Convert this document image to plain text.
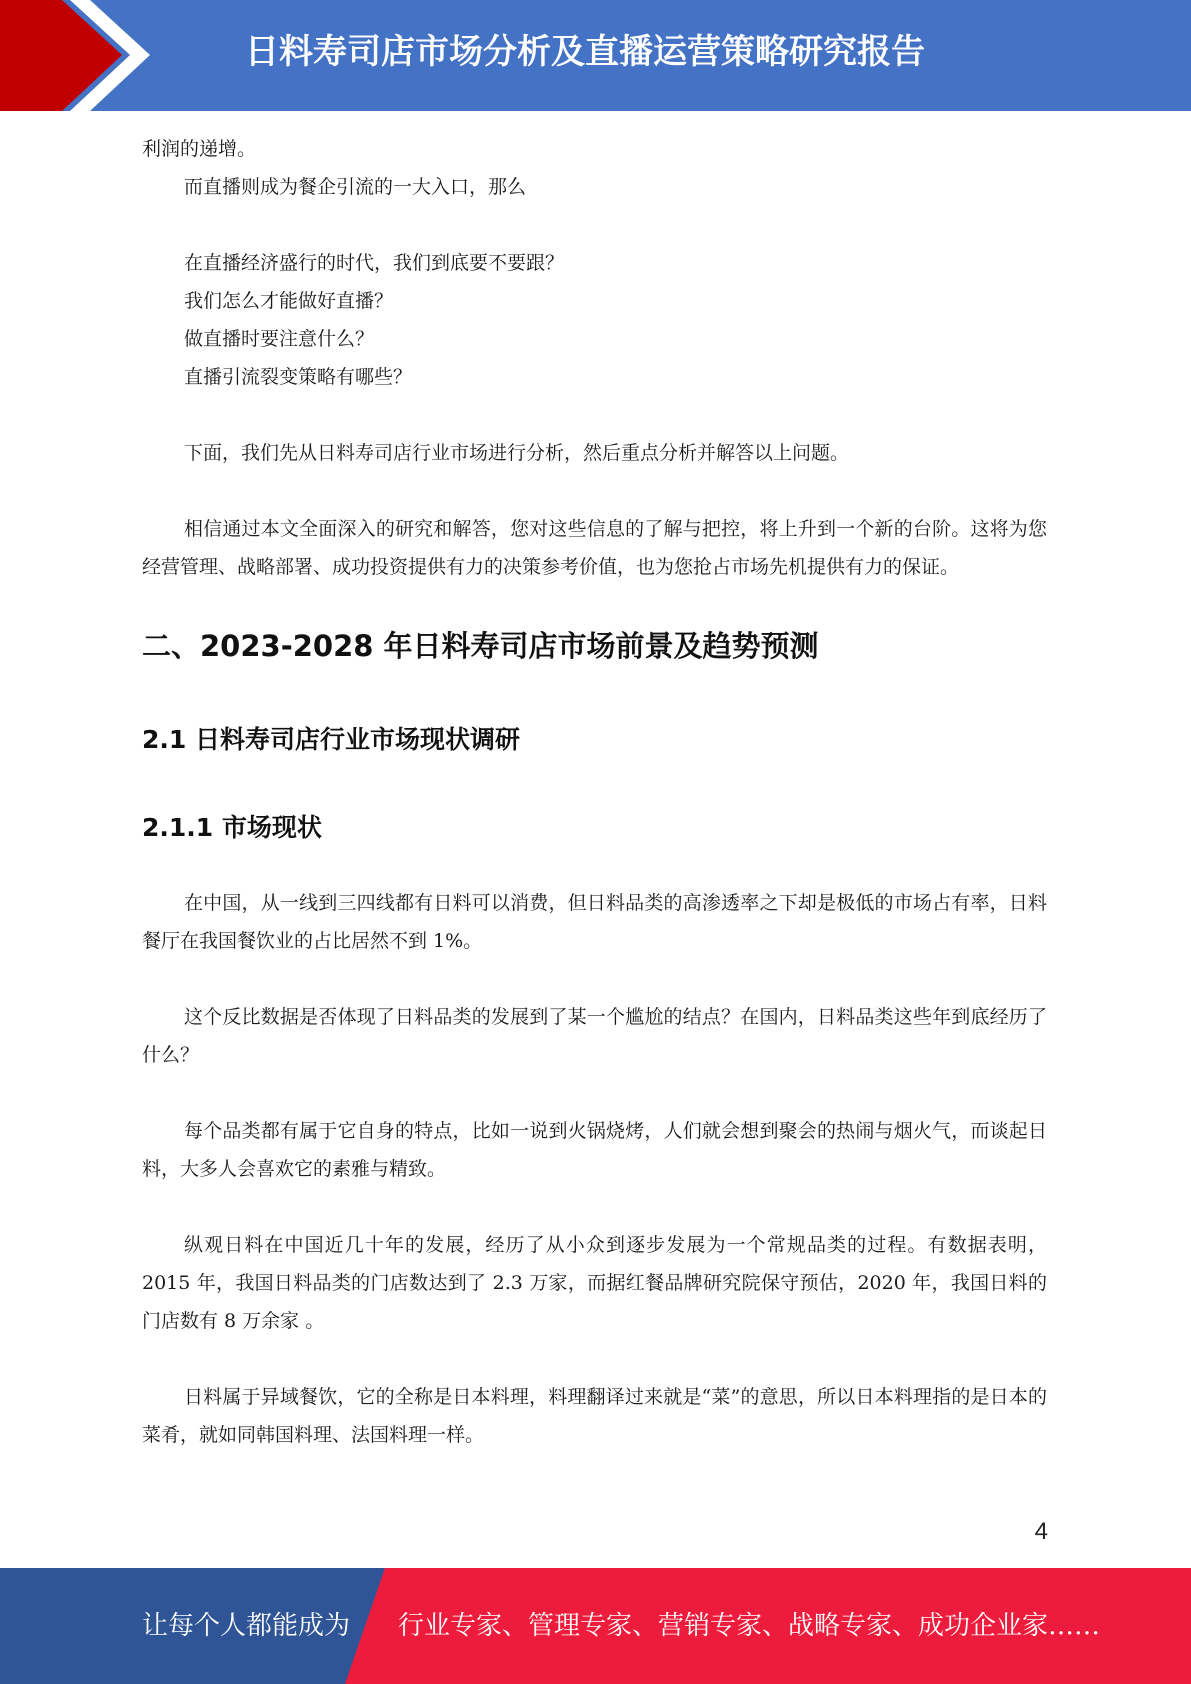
日料寿司店市场分析及直播运营策略研究报告

利润的递增。

而直播则成为餐企引流的一大入口，那么

在直播经济盛行的时代，我们到底要不要跟？

我们怎么才能做好直播？

做直播时要注意什么？

直播引流裂变策略有哪些？

下面，我们先从日料寿司店行业市场进行分析，然后重点分析并解答以上问题。

相信通过本文全面深入的研究和解答，您对这些信息的了解与把控，将上升到一个新的台阶。这将为您经营管理、战略部署、成功投资提供有力的决策参考价值，也为您抢占市场先机提供有力的保证。

二、2023-2028 年日料寿司店市场前景及趋势预测
2.1 日料寿司店行业市场现状调研
2.1.1 市场现状

在中国，从一线到三四线都有日料可以消费，但日料品类的高渗透率之下却是极低的市场占有率，日料餐厅在我国餐饮业的占比居然不到 1%。

这个反比数据是否体现了日料品类的发展到了某一个尴尬的结点？在国内，日料品类这些年到底经历了什么？

每个品类都有属于它自身的特点，比如一说到火锅烧烤，人们就会想到聚会的热闹与烟火气，而谈起日料，大多人会喜欢它的素雅与精致。

纵观日料在中国近几十年的发展，经历了从小众到逐步发展为一个常规品类的过程。有数据表明，2015 年，我国日料品类的门店数达到了 2.3 万家，而据红餐品牌研究院保守预估，2020 年，我国日料的门店数有 8 万余家 。

日料属于异域餐饮，它的全称是日本料理，料理翻译过来就是“菜”的意思，所以日本料理指的是日本的菜肴，就如同韩国料理、法国料理一样。

4
让每个人都能成为 行业专家、管理专家、营销专家、战略专家、成功企业家……
